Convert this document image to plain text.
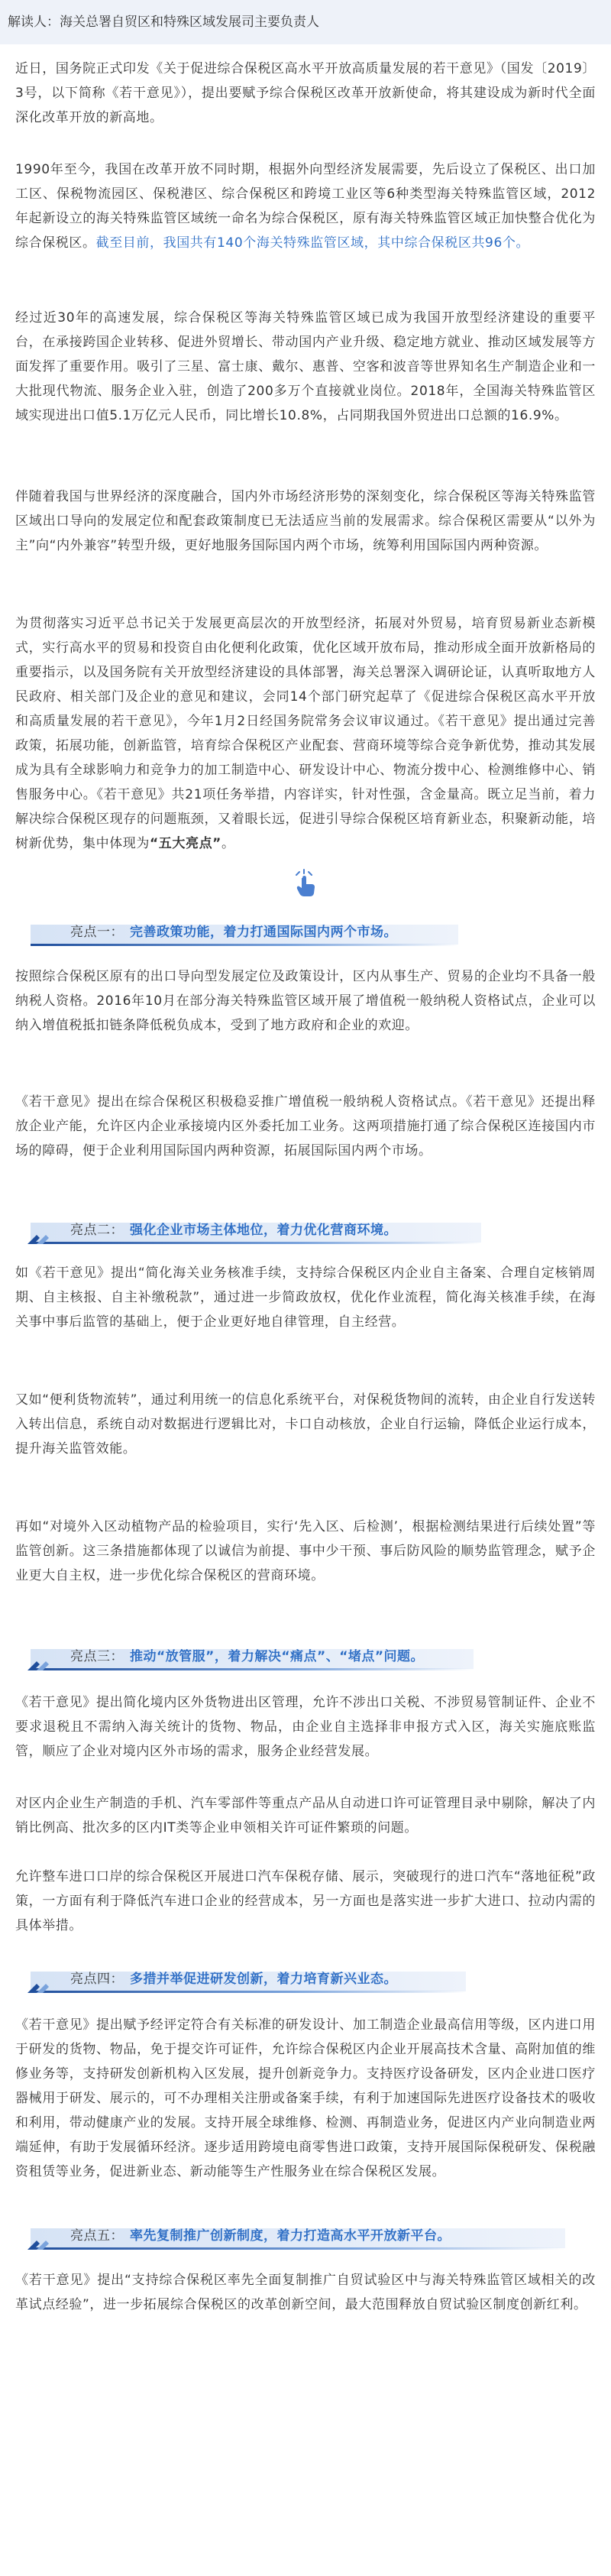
解读人：海关总署自贸区和特殊区域发展司主要负责人

近日，国务院正式印发《关于促进综合保税区高水平开放高质量发展的若干意见》（国发〔2019〕3号，以下简称《若干意见》），提出要赋予综合保税区改革开放新使命，将其建设成为新时代全面深化改革开放的新高地。

1990年至今，我国在改革开放不同时期，根据外向型经济发展需要，先后设立了保税区、出口加工区、保税物流园区、保税港区、综合保税区和跨境工业区等6种类型海关特殊监管区域，2012年起新设立的海关特殊监管区域统一命名为综合保税区，原有海关特殊监管区域正加快整合优化为综合保税区。截至目前，我国共有140个海关特殊监管区域，其中综合保税区共96个。

经过近30年的高速发展，综合保税区等海关特殊监管区域已成为我国开放型经济建设的重要平台，在承接跨国企业转移、促进外贸增长、带动国内产业升级、稳定地方就业、推动区域发展等方面发挥了重要作用。吸引了三星、富士康、戴尔、惠普、空客和波音等世界知名生产制造企业和一大批现代物流、服务企业入驻，创造了200多万个直接就业岗位。2018年，全国海关特殊监管区域实现进出口值5.1万亿元人民币，同比增长10.8%，占同期我国外贸进出口总额的16.9%。

伴随着我国与世界经济的深度融合，国内外市场经济形势的深刻变化，综合保税区等海关特殊监管区域出口导向的发展定位和配套政策制度已无法适应当前的发展需求。综合保税区需要从“以外为主”向“内外兼容”转型升级，更好地服务国际国内两个市场，统筹利用国际国内两种资源。

为贯彻落实习近平总书记关于发展更高层次的开放型经济，拓展对外贸易，培育贸易新业态新模式，实行高水平的贸易和投资自由化便利化政策，优化区域开放布局，推动形成全面开放新格局的重要指示，以及国务院有关开放型经济建设的具体部署，海关总署深入调研论证，认真听取地方人民政府、相关部门及企业的意见和建议，会同14个部门研究起草了《促进综合保税区高水平开放和高质量发展的若干意见》，今年1月2日经国务院常务会议审议通过。《若干意见》提出通过完善政策，拓展功能，创新监管，培育综合保税区产业配套、营商环境等综合竞争新优势，推动其发展成为具有全球影响力和竞争力的加工制造中心、研发设计中心、物流分拨中心、检测维修中心、销售服务中心。《若干意见》共21项任务举措，内容详实，针对性强，含金量高。既立足当前，着力解决综合保税区现存的问题瓶颈，又着眼长远，促进引导综合保税区培育新业态，积聚新动能，培树新优势，集中体现为“五大亮点”。

亮点一： 完善政策功能，着力打通国际国内两个市场。

按照综合保税区原有的出口导向型发展定位及政策设计，区内从事生产、贸易的企业均不具备一般纳税人资格。2016年10月在部分海关特殊监管区域开展了增值税一般纳税人资格试点，企业可以纳入增值税抵扣链条降低税负成本，受到了地方政府和企业的欢迎。

《若干意见》提出在综合保税区积极稳妥推广增值税一般纳税人资格试点。《若干意见》还提出释放企业产能，允许区内企业承接境内区外委托加工业务。这两项措施打通了综合保税区连接国内市场的障碍，便于企业利用国际国内两种资源，拓展国际国内两个市场。

亮点二： 强化企业市场主体地位，着力优化营商环境。

如《若干意见》提出“简化海关业务核准手续，支持综合保税区内企业自主备案、合理自定核销周期、自主核报、自主补缴税款”，通过进一步简政放权，优化作业流程，简化海关核准手续，在海关事中事后监管的基础上，便于企业更好地自律管理，自主经营。

又如“便利货物流转”，通过利用统一的信息化系统平台，对保税货物间的流转，由企业自行发送转入转出信息，系统自动对数据进行逻辑比对，卡口自动核放，企业自行运输，降低企业运行成本，提升海关监管效能。

再如“对境外入区动植物产品的检验项目，实行‘先入区、后检测’，根据检测结果进行后续处置”等监管创新。这三条措施都体现了以诚信为前提、事中少干预、事后防风险的顺势监管理念，赋予企业更大自主权，进一步优化综合保税区的营商环境。

亮点三： 推动“放管服”，着力解决“痛点”、“堵点”问题。

《若干意见》提出简化境内区外货物进出区管理，允许不涉出口关税、不涉贸易管制证件、企业不要求退税且不需纳入海关统计的货物、物品，由企业自主选择非申报方式入区，海关实施底账监管，顺应了企业对境内区外市场的需求，服务企业经营发展。

对区内企业生产制造的手机、汽车零部件等重点产品从自动进口许可证管理目录中剔除，解决了内销比例高、批次多的区内IT类等企业申领相关许可证件繁琐的问题。

允许整车进口口岸的综合保税区开展进口汽车保税存储、展示，突破现行的进口汽车“落地征税”政策，一方面有利于降低汽车进口企业的经营成本，另一方面也是落实进一步扩大进口、拉动内需的具体举措。

亮点四： 多措并举促进研发创新，着力培育新兴业态。

《若干意见》提出赋予经评定符合有关标准的研发设计、加工制造企业最高信用等级，区内进口用于研发的货物、物品，免于提交许可证件，允许综合保税区内企业开展高技术含量、高附加值的维修业务等，支持研发创新机构入区发展，提升创新竞争力。支持医疗设备研发，区内企业进口医疗器械用于研发、展示的，可不办理相关注册或备案手续，有利于加速国际先进医疗设备技术的吸收和利用，带动健康产业的发展。支持开展全球维修、检测、再制造业务，促进区内产业向制造业两端延伸，有助于发展循环经济。逐步适用跨境电商零售进口政策，支持开展国际保税研发、保税融资租赁等业务，促进新业态、新动能等生产性服务业在综合保税区发展。

亮点五： 率先复制推广创新制度，着力打造高水平开放新平台。

《若干意见》提出“支持综合保税区率先全面复制推广自贸试验区中与海关特殊监管区域相关的改革试点经验”，进一步拓展综合保税区的改革创新空间，最大范围释放自贸试验区制度创新红利。
